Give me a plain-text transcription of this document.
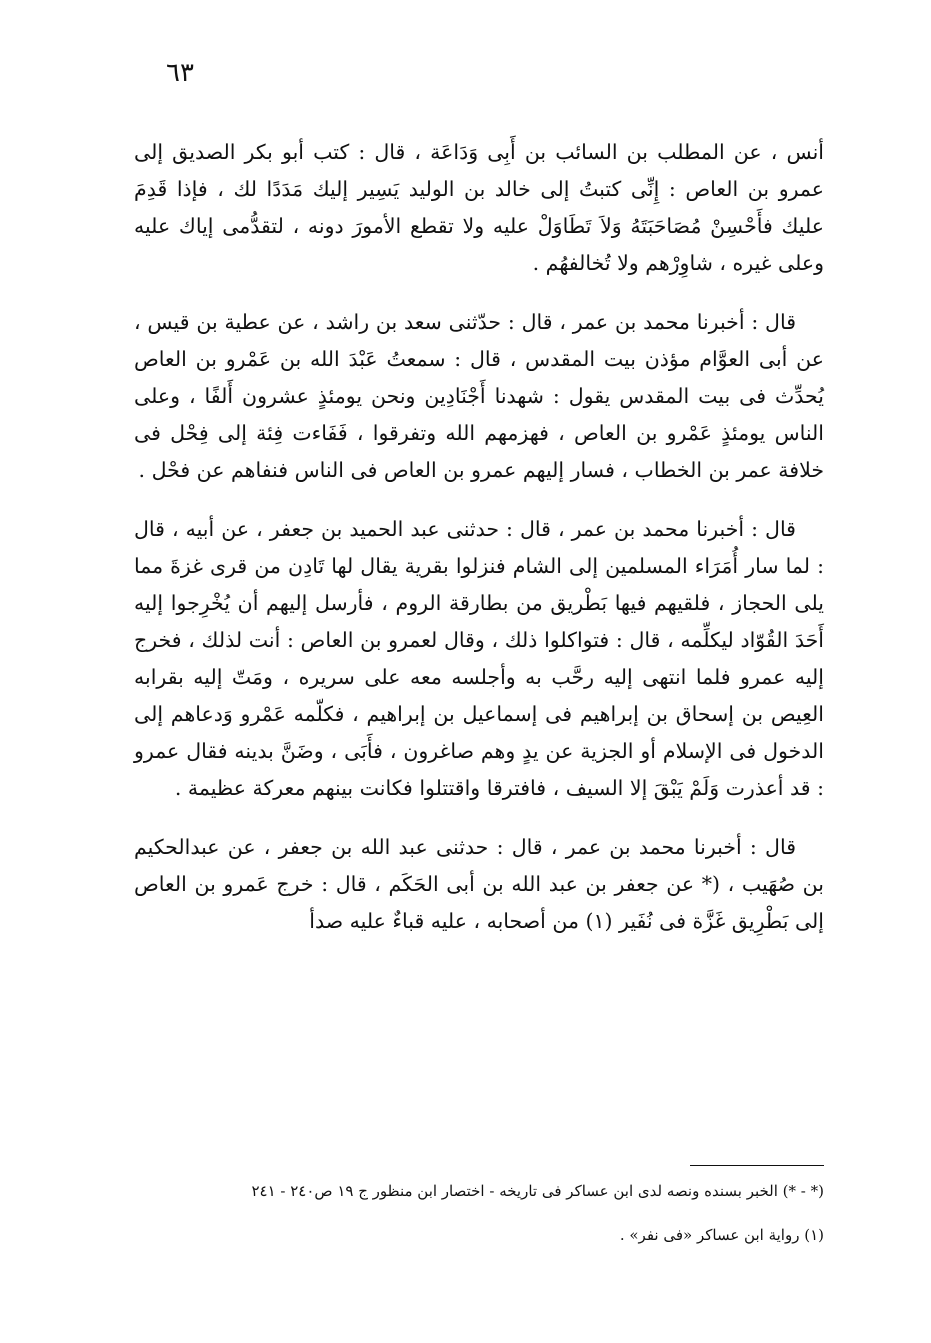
٦٣

أنس ، عن المطلب بن السائب بن أَبِى وَدَاعَة ، قال : كتب أبو بكر الصديق إلى عمرو بن العاص : إِنِّى كتبتُ إلى خالد بن الوليد يَسِير إليك مَدَدًا لك ، فإذا قَدِمَ عليك فأَحْسِنْ مُصَاحَبَتَهُ وَلاَ تَطَاوَلْ عليه ولا تقطع الأمورَ دونه ، لتقدُّمى إياك عليه وعلى غيره ، شاوِرْهم ولا تُخالفهُم .

قال : أخبرنا محمد بن عمر ، قال : حدّثنى سعد بن راشد ، عن عطية بن قيس ، عن أبى العوَّام مؤذن بيت المقدس ، قال : سمعتُ عَبْدَ الله بن عَمْرو بن العاص يُحدِّث فى بيت المقدس يقول : شهدنا أَجْنَادِين ونحن يومئذٍ عشرون أَلفًا ، وعلى الناس يومئذٍ عَمْرو بن العاص ، فهزمهم الله وتفرقوا ، فَفَاءت فِئة إلى فِحْل فى خلافة عمر بن الخطاب ، فسار إليهم عمرو بن العاص فى الناس فنفاهم عن فحْل .

قال : أخبرنا محمد بن عمر ، قال : حدثنى عبد الحميد بن جعفر ، عن أبيه ، قال : لما سار أُمَرَاء المسلمين إلى الشام فنزلوا بقرية يقال لها تَادِن من قرى غزةَ مما يلى الحجاز ، فلقيهم فيها بَطْريق من بطارقة الروم ، فأرسل إليهم أن يُخْرِجوا إليه أَحَدَ القُوّاد ليكلِّمه ، قال : فتواكلوا ذلك ، وقال لعمرو بن العاص : أنت لذلك ، فخرج إليه عمرو فلما انتهى إليه رحَّب به وأجلسه معه على سريره ، ومَتّ إليه بقرابه العِيص بن إسحاق بن إبراهيم فى إسماعيل بن إبراهيم ، فكلّمه عَمْرو وَدعاهم إلى الدخول فى الإسلام أو الجزية عن يدٍ وهم صاغرون ، فأَبَى ، وضَنَّ بدينه فقال عمرو : قد أعذرت وَلَمْ يَبْقَ إلا السيف ، فافترقا واقتتلوا فكانت بينهم معركة عظيمة .

قال : أخبرنا محمد بن عمر ، قال : حدثنى عبد الله بن جعفر ، عن عبدالحكيم بن صُهَيب ، (* عن جعفر بن عبد الله بن أبى الحَكَم ، قال : خرج عَمرو بن العاص إلى بَطْرِيق غَزَّة فى نُفَير (١) من أصحابه ، عليه قباءٌ عليه صدأ

(* - *) الخبر بسنده ونصه لدى ابن عساكر فى تاريخه - اختصار ابن منظور ج ١٩ ص٢٤٠ - ٢٤١

(١) رواية ابن عساكر «فى نفر» .
